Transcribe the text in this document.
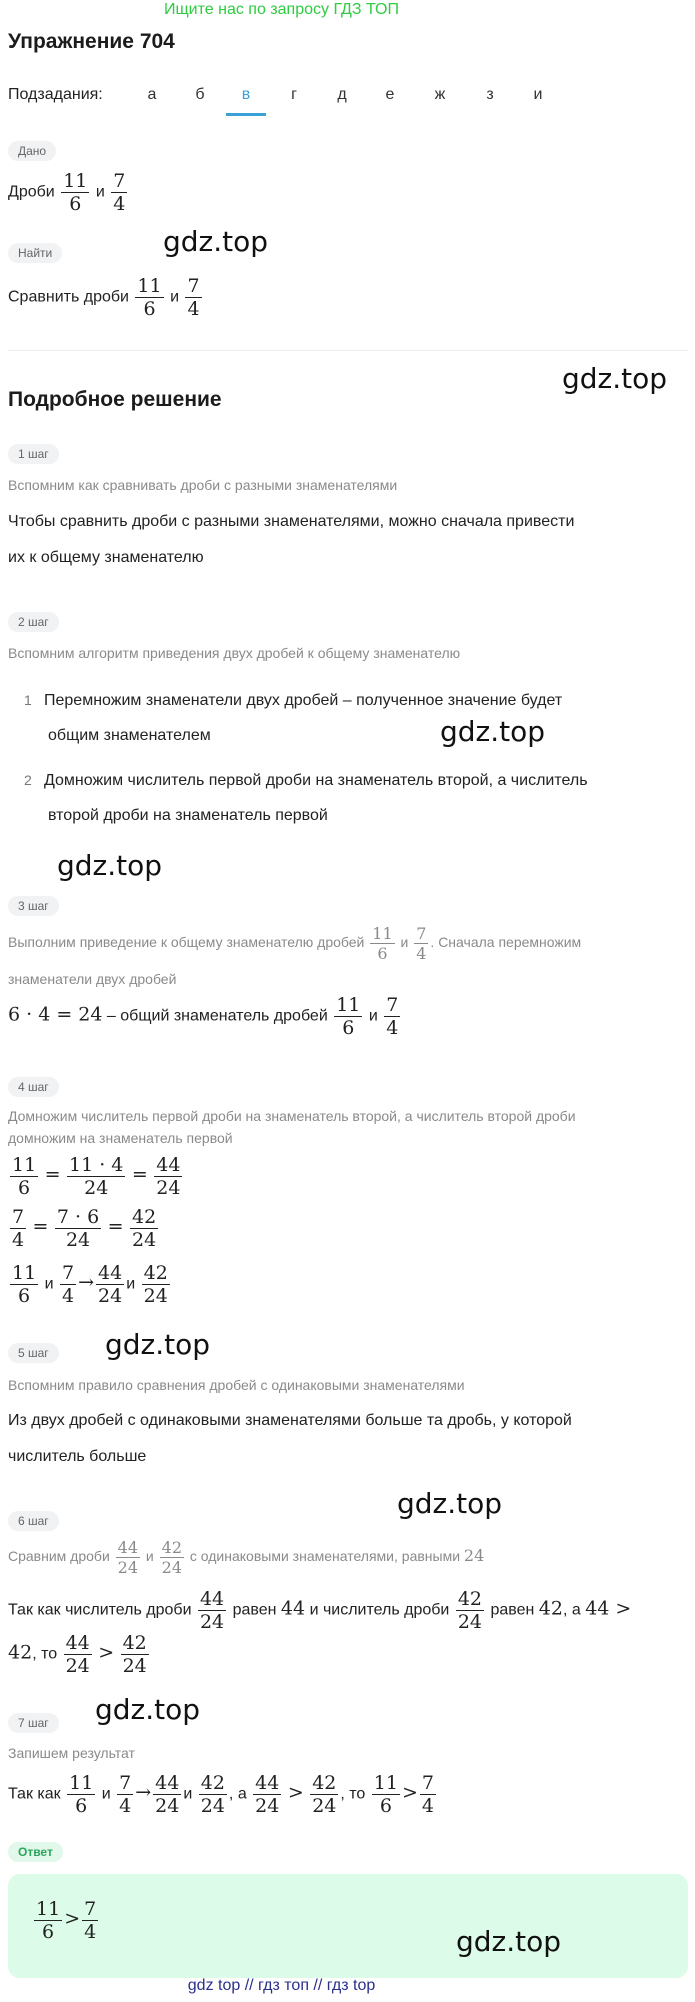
Ищите нас по запросу ГДЗ ТОП
Упражнение 704
Подзадания:	а	б	в	г	д	е	ж	з	и
Дано
Дроби $\frac{11}{6}$ и $\frac{7}{4}$
Найти	gdz.top
Сравнить дроби $\frac{11}{6}$ и $\frac{7}{4}$
gdz.top
Подробное решение
1 шаг
Вспомним как сравнивать дроби с разными знаменателями
Чтобы сравнить дроби с разными знаменателями, можно сначала привести
их к общему знаменателю
2 шаг
Вспомним алгоритм приведения двух дробей к общему знаменателю
1 Перемножим знаменатели двух дробей – полученное значение будет
общим знаменателем	gdz.top
2 Домножим числитель первой дроби на знаменатель второй, а числитель
второй дроби на знаменатель первой
gdz.top
3 шаг
Выполним приведение к общему знаменателю дробей $\frac{11}{6}$ и $\frac{7}{4}$ . Сначала перемножим
знаменатели двух дробей
6 · 4 = 24 – общий знаменатель дробей $\frac{11}{6}$ и $\frac{7}{4}$
4 шаг
Домножим числитель первой дроби на знаменатель второй, а числитель второй дроби
домножим на знаменатель первой
$\frac{11}{6} = \frac{11 \cdot 4}{24} = \frac{44}{24}$
$\frac{7}{4} = \frac{7 \cdot 6}{24} = \frac{42}{24}$
$\frac{11}{6}$ и $\frac{7}{4} \to \frac{44}{24}$ и $\frac{42}{24}$
5 шаг	gdz.top
Вспомним правило сравнения дробей с одинаковыми знаменателями
Из двух дробей с одинаковыми знаменателями больше та дробь, у которой
числитель больше
gdz.top
6 шаг
Сравним дроби $\frac{44}{24}$ и $\frac{42}{24}$ с одинаковыми знаменателями, равными 24
Так как числитель дроби $\frac{44}{24}$ равен 44 и числитель дроби $\frac{42}{24}$ равен 42, а 44 >
42, то $\frac{44}{24} > \frac{42}{24}$
7 шаг	gdz.top
Запишем результат
Так как $\frac{11}{6}$ и $\frac{7}{4} \to \frac{44}{24}$ и $\frac{42}{24}$ , а $\frac{44}{24} > \frac{42}{24}$ , то $\frac{11}{6} > \frac{7}{4}$
Ответ
$\frac{11}{6} > \frac{7}{4}$	gdz.top
gdz top // гдз топ // гдз top
